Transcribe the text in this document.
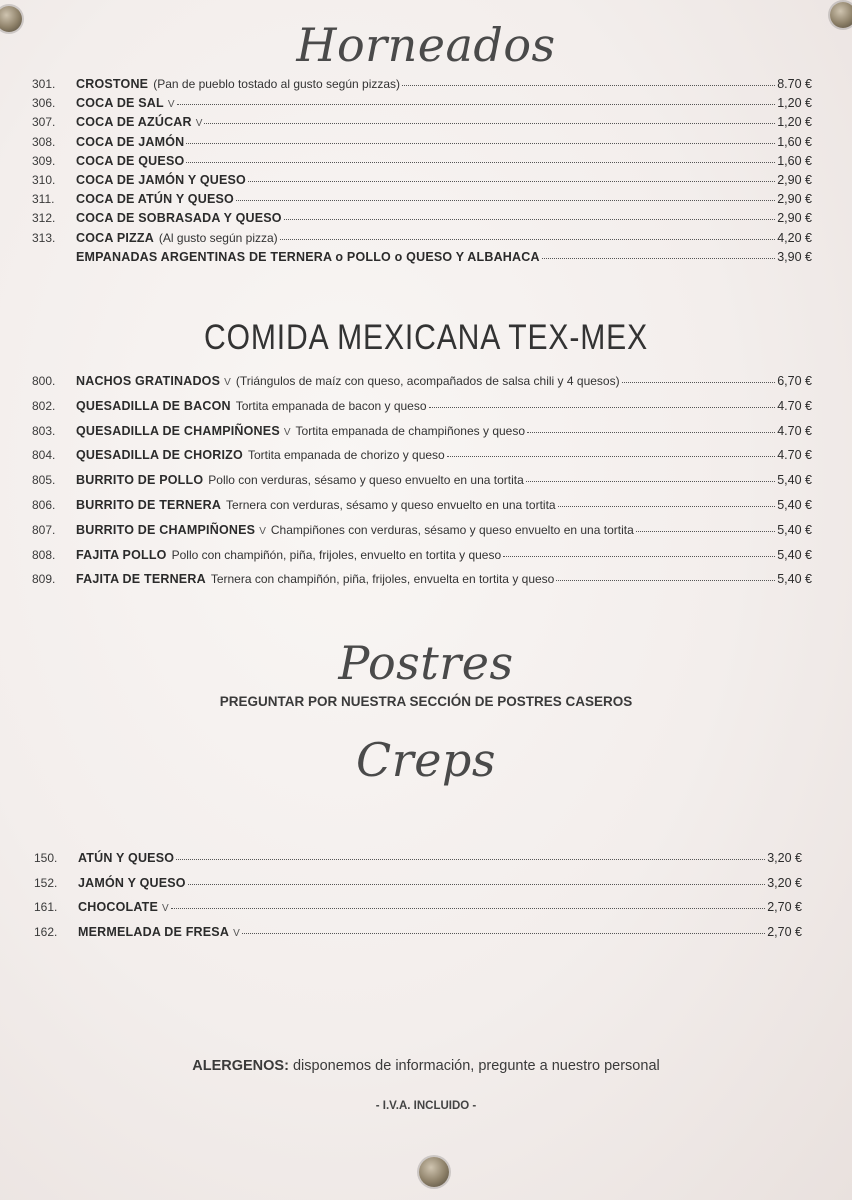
Horneados
301.	CROSTONE (Pan de pueblo tostado al gusto según pizzas)	8.70 €
306.	COCA DE SAL V	1,20 €
307.	COCA DE AZÚCAR V	1,20 €
308.	COCA DE JAMÓN	1,60 €
309.	COCA DE QUESO	1,60 €
310.	COCA DE JAMÓN Y QUESO	2,90 €
311.	COCA DE ATÚN Y QUESO	2,90 €
312.	COCA DE SOBRASADA Y QUESO	2,90 €
313.	COCA PIZZA (Al gusto según pizza)	4,20 €
EMPANADAS ARGENTINAS DE TERNERA o POLLO o QUESO Y ALBAHACA	3,90 €
COMIDA MEXICANA TEX-MEX
800.	NACHOS GRATINADOS V (Triángulos de maíz con queso, acompañados de salsa chili y 4 quesos)	6,70 €
802.	QUESADILLA DE BACON Tortita empanada de bacon y queso	4.70 €
803.	QUESADILLA DE CHAMPIÑONES V Tortita empanada de champiñones y queso	4.70 €
804.	QUESADILLA DE CHORIZO Tortita empanada de chorizo y queso	4.70 €
805.	BURRITO DE POLLO Pollo con verduras, sésamo y queso envuelto en una tortita	5,40 €
806.	BURRITO DE TERNERA Ternera con verduras, sésamo y queso envuelto en una tortita	5,40 €
807.	BURRITO DE CHAMPIÑONES V Champiñones con verduras, sésamo y queso envuelto en una tortita	5,40 €
808.	FAJITA POLLO Pollo con champiñón, piña, frijoles, envuelto en tortita y queso	5,40 €
809.	FAJITA DE TERNERA Ternera con champiñón, piña, frijoles, envuelta en tortita y queso	5,40 €
Postres

PREGUNTAR POR NUESTRA SECCIÓN DE POSTRES CASEROS

Creps
150.	ATÚN Y QUESO	3,20 €
152.	JAMÓN Y QUESO	3,20 €
161.	CHOCOLATE V	2,70 €
162.	MERMELADA DE FRESA V	2,70 €

ALERGENOS: disponemos de información, pregunte a nuestro personal

- I.V.A. INCLUIDO -
